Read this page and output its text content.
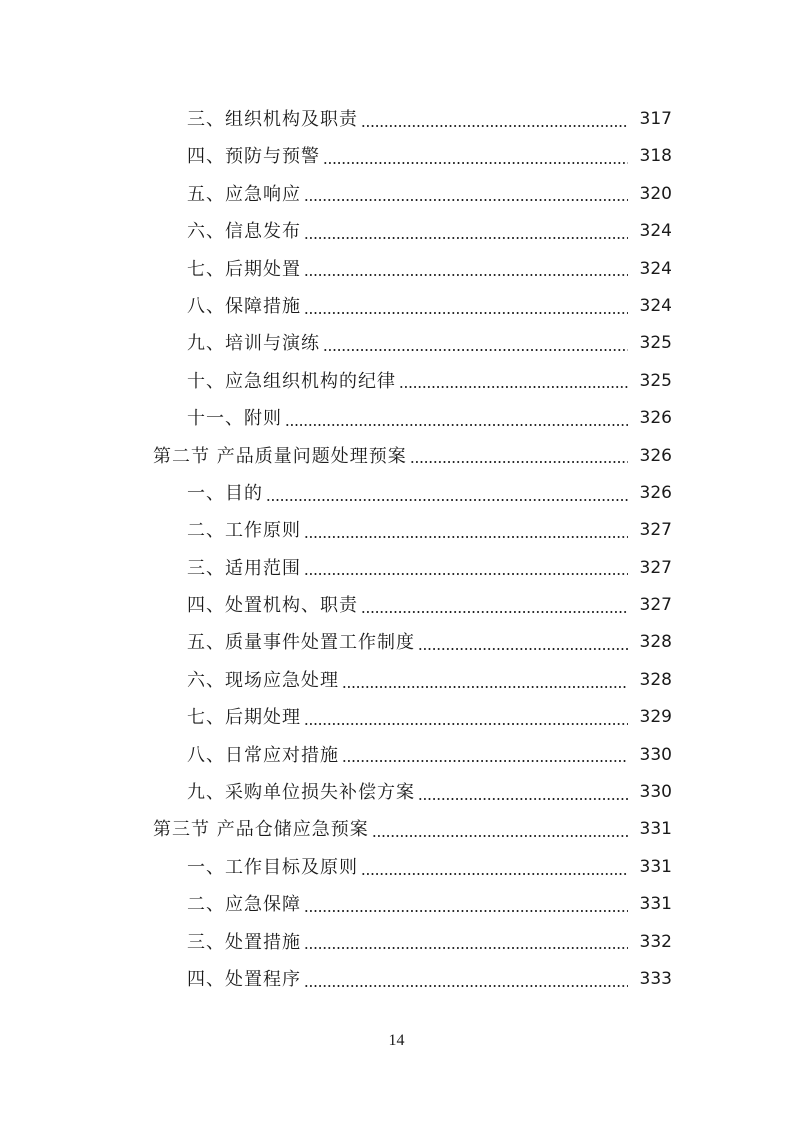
三、组织机构及职责	317
四、预防与预警	318
五、应急响应	320
六、信息发布	324
七、后期处置	324
八、保障措施	324
九、培训与演练	325
十、应急组织机构的纪律	325
十一、附则	326
第二节 产品质量问题处理预案	326
一、目的	326
二、工作原则	327
三、适用范围	327
四、处置机构、职责	327
五、质量事件处置工作制度	328
六、现场应急处理	328
七、后期处理	329
八、日常应对措施	330
九、采购单位损失补偿方案	330
第三节 产品仓储应急预案	331
一、工作目标及原则	331
二、应急保障	331
三、处置措施	332
四、处置程序	333
14
